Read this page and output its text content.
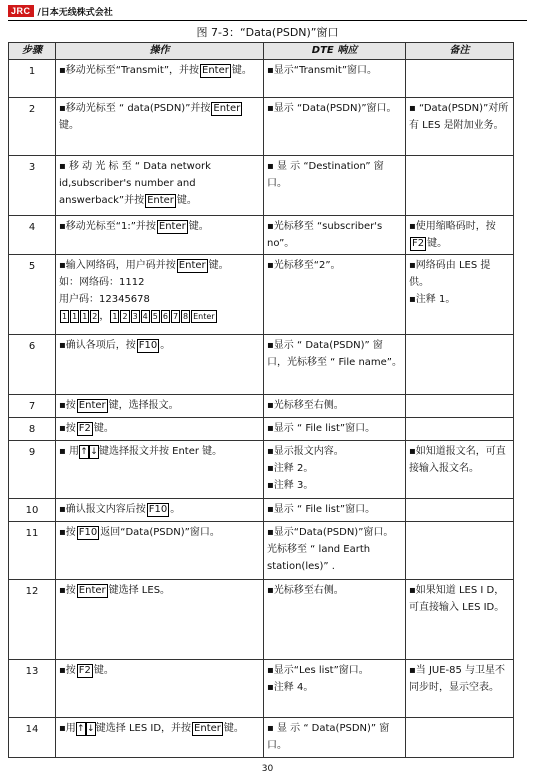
JRC /日本无线株式会社
图 7-3：“Data(PSDN)”窗口
步骤	操作	DTE 响应	备注
1	▪移动光标至“Transmit”，并按 Enter 键。	▪显示“Transmit”窗口。	
2	▪移动光标至 “ data(PSDN)”并按 Enter键。	▪显示 “Data(PSDN)”窗口。	▪ “Data(PSDN)”对所有 LES 是附加业务。
3	▪ 移 动 光 标 至 “ Data network id,subscriber's number and answerback”并按 Enter 键。	▪ 显 示 “Destination” 窗口。	
4	▪移动光标至“1:”并按 Enter 键。	▪光标移至 “subscriber's no”。	▪使用缩略码时，按F2 键。
5	▪输入网络码，用户码并按 Enter 键。
如：网络码：1112
用户码：12345678
1 1 1 2 ， 1 2 3 4 5 6 7 8 Enter	▪光标移至“2”。	▪网络码由 LES 提供。
▪注释 1。
6	▪确认各项后，按 F10 。	▪显示 “ Data(PSDN)” 窗口，光标移至 “ File name”。	
7	▪按 Enter 键，选择报文。	▪光标移至右侧。	
8	▪按 F2 键。	▪显示 “ File list”窗口。	
9	▪ 用↑ ↓键选择报文并按 Enter 键。	▪显示报文内容。
▪注释 2。
▪注释 3。	▪如知道报文名，可直接输入报文名。
10	▪确认报文内容后按 F10 。	▪显示 “ File list”窗口。	
11	▪按 F10 返回“Data(PSDN)”窗口。	▪显示“Data(PSDN)”窗口。光标移至 “ land Earth station(les)” .	
12	▪按 Enter 键选择 LES。	▪光标移至右侧。	▪如果知道 LES I D，可直接输入 LES ID。
13	▪按 F2 键。	▪显示“Les list”窗口。
▪注释 4。	▪当 JUE-85 与卫星不同步时，显示空表。
14	▪用↑ ↓键选择 LES ID，并按 Enter 键。	▪ 显 示 “ Data(PSDN)” 窗口。	
30
